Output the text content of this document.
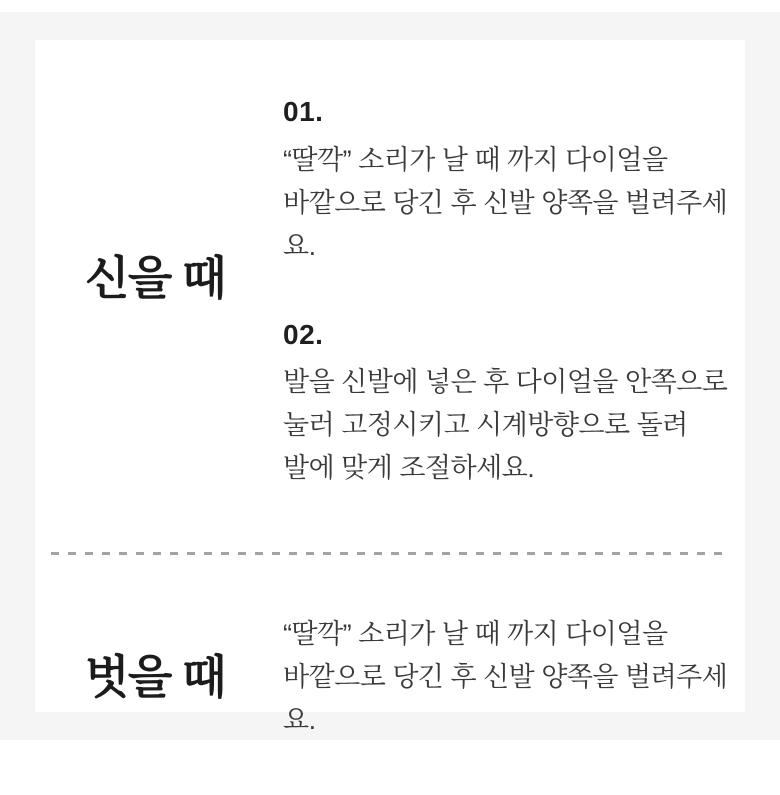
신을 때
01.

“딸깍” 소리가 날 때 까지 다이얼을

바깥으로 당긴 후 신발 양쪽을 벌려주세요.

02.

발을 신발에 넣은 후 다이얼을 안쪽으로

눌러 고정시키고 시계방향으로 돌려

발에 맞게 조절하세요.

벗을 때

“딸깍” 소리가 날 때 까지 다이얼을

바깥으로 당긴 후 신발 양쪽을 벌려주세요.
